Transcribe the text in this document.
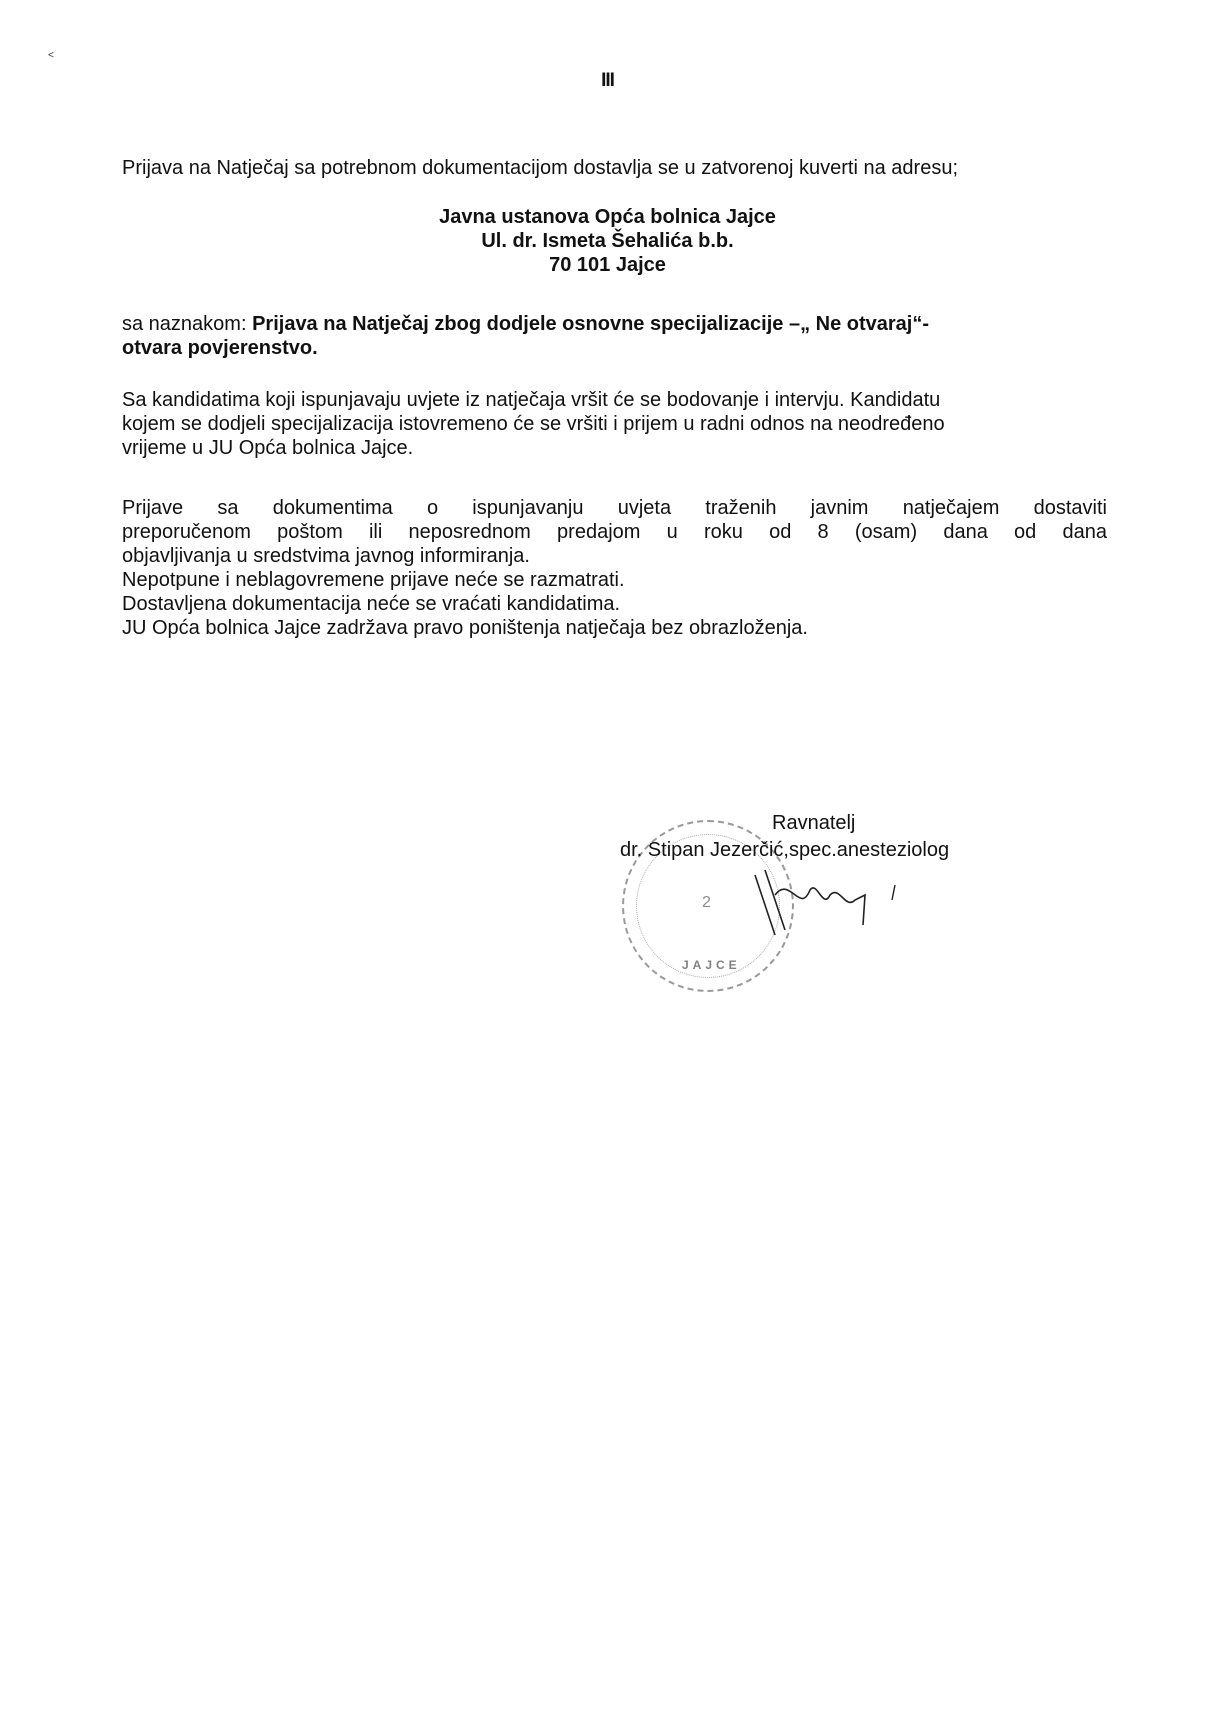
<
III
Prijava na Natječaj sa potrebnom dokumentacijom dostavlja se u zatvorenoj kuverti na adresu;
Javna ustanova Opća bolnica Jajce
Ul. dr. Ismeta Šehalića b.b.
70 101 Jajce
sa naznakom: Prijava na Natječaj zbog dodjele osnovne specijalizacije –„ Ne otvaraj“-
otvara povjerenstvo.
Sa kandidatima koji ispunjavaju uvjete iz natječaja vršit će se bodovanje i intervju. Kandidatu
kojem se dodjeli specijalizacija istovremeno će se vršiti i prijem u radni odnos na neodređeno
vrijeme u JU Opća bolnica Jajce.
Prijave sa dokumentima o ispunjavanju uvjeta traženih javnim natječajem dostaviti
preporučenom poštom ili neposrednom predajom u roku od 8 (osam) dana od dana
objavljivanja u sredstvima javnog informiranja.
Nepotpune i neblagovremene prijave neće se razmatrati.
Dostavljena dokumentacija neće se vraćati kandidatima.
JU Opća bolnica Jajce zadržava pravo poništenja natječaja bez obrazloženja.
2
JAJCE
Ravnatelj
dr. Stipan Jezerčić,spec.anesteziolog
